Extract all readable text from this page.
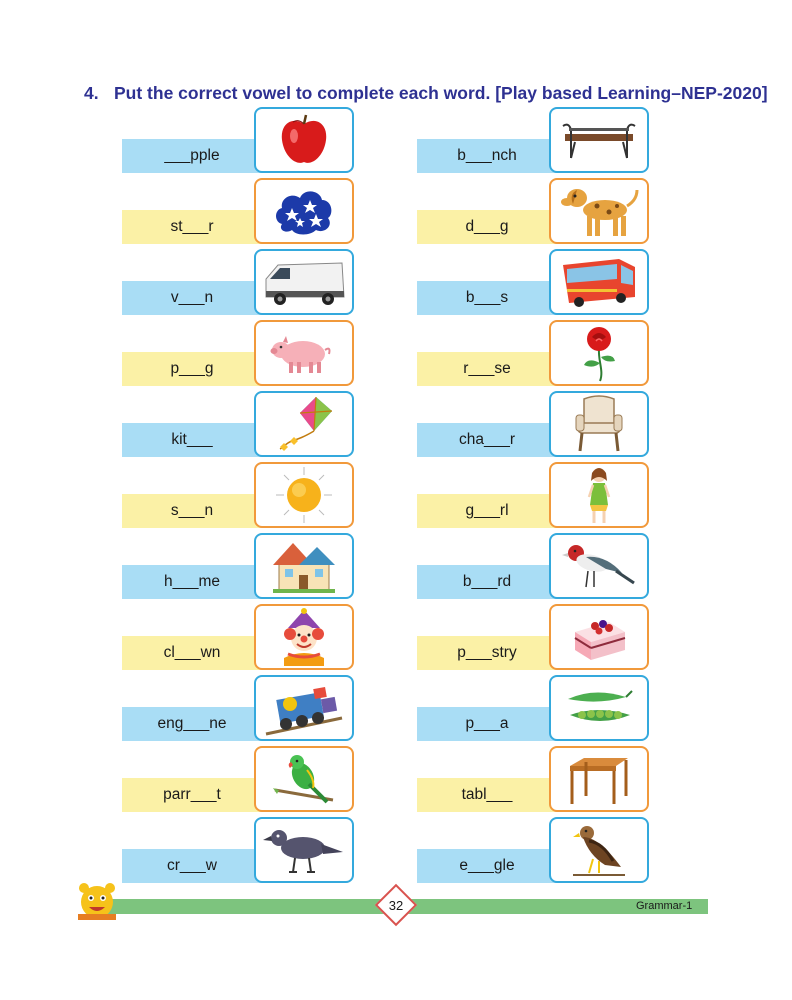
4. Put the correct vowel to complete each word. [Play based Learning–NEP-2020]
___pple
st___r
v___n
p___g
kit___
s___n
h___me
cl___wn
eng___ne
parr___t
cr___w
b___nch
d___g
b___s
r___se
cha___r
g___rl
b___rd
p___stry
p___a
tabl___
e___gle
32	Grammar-1
